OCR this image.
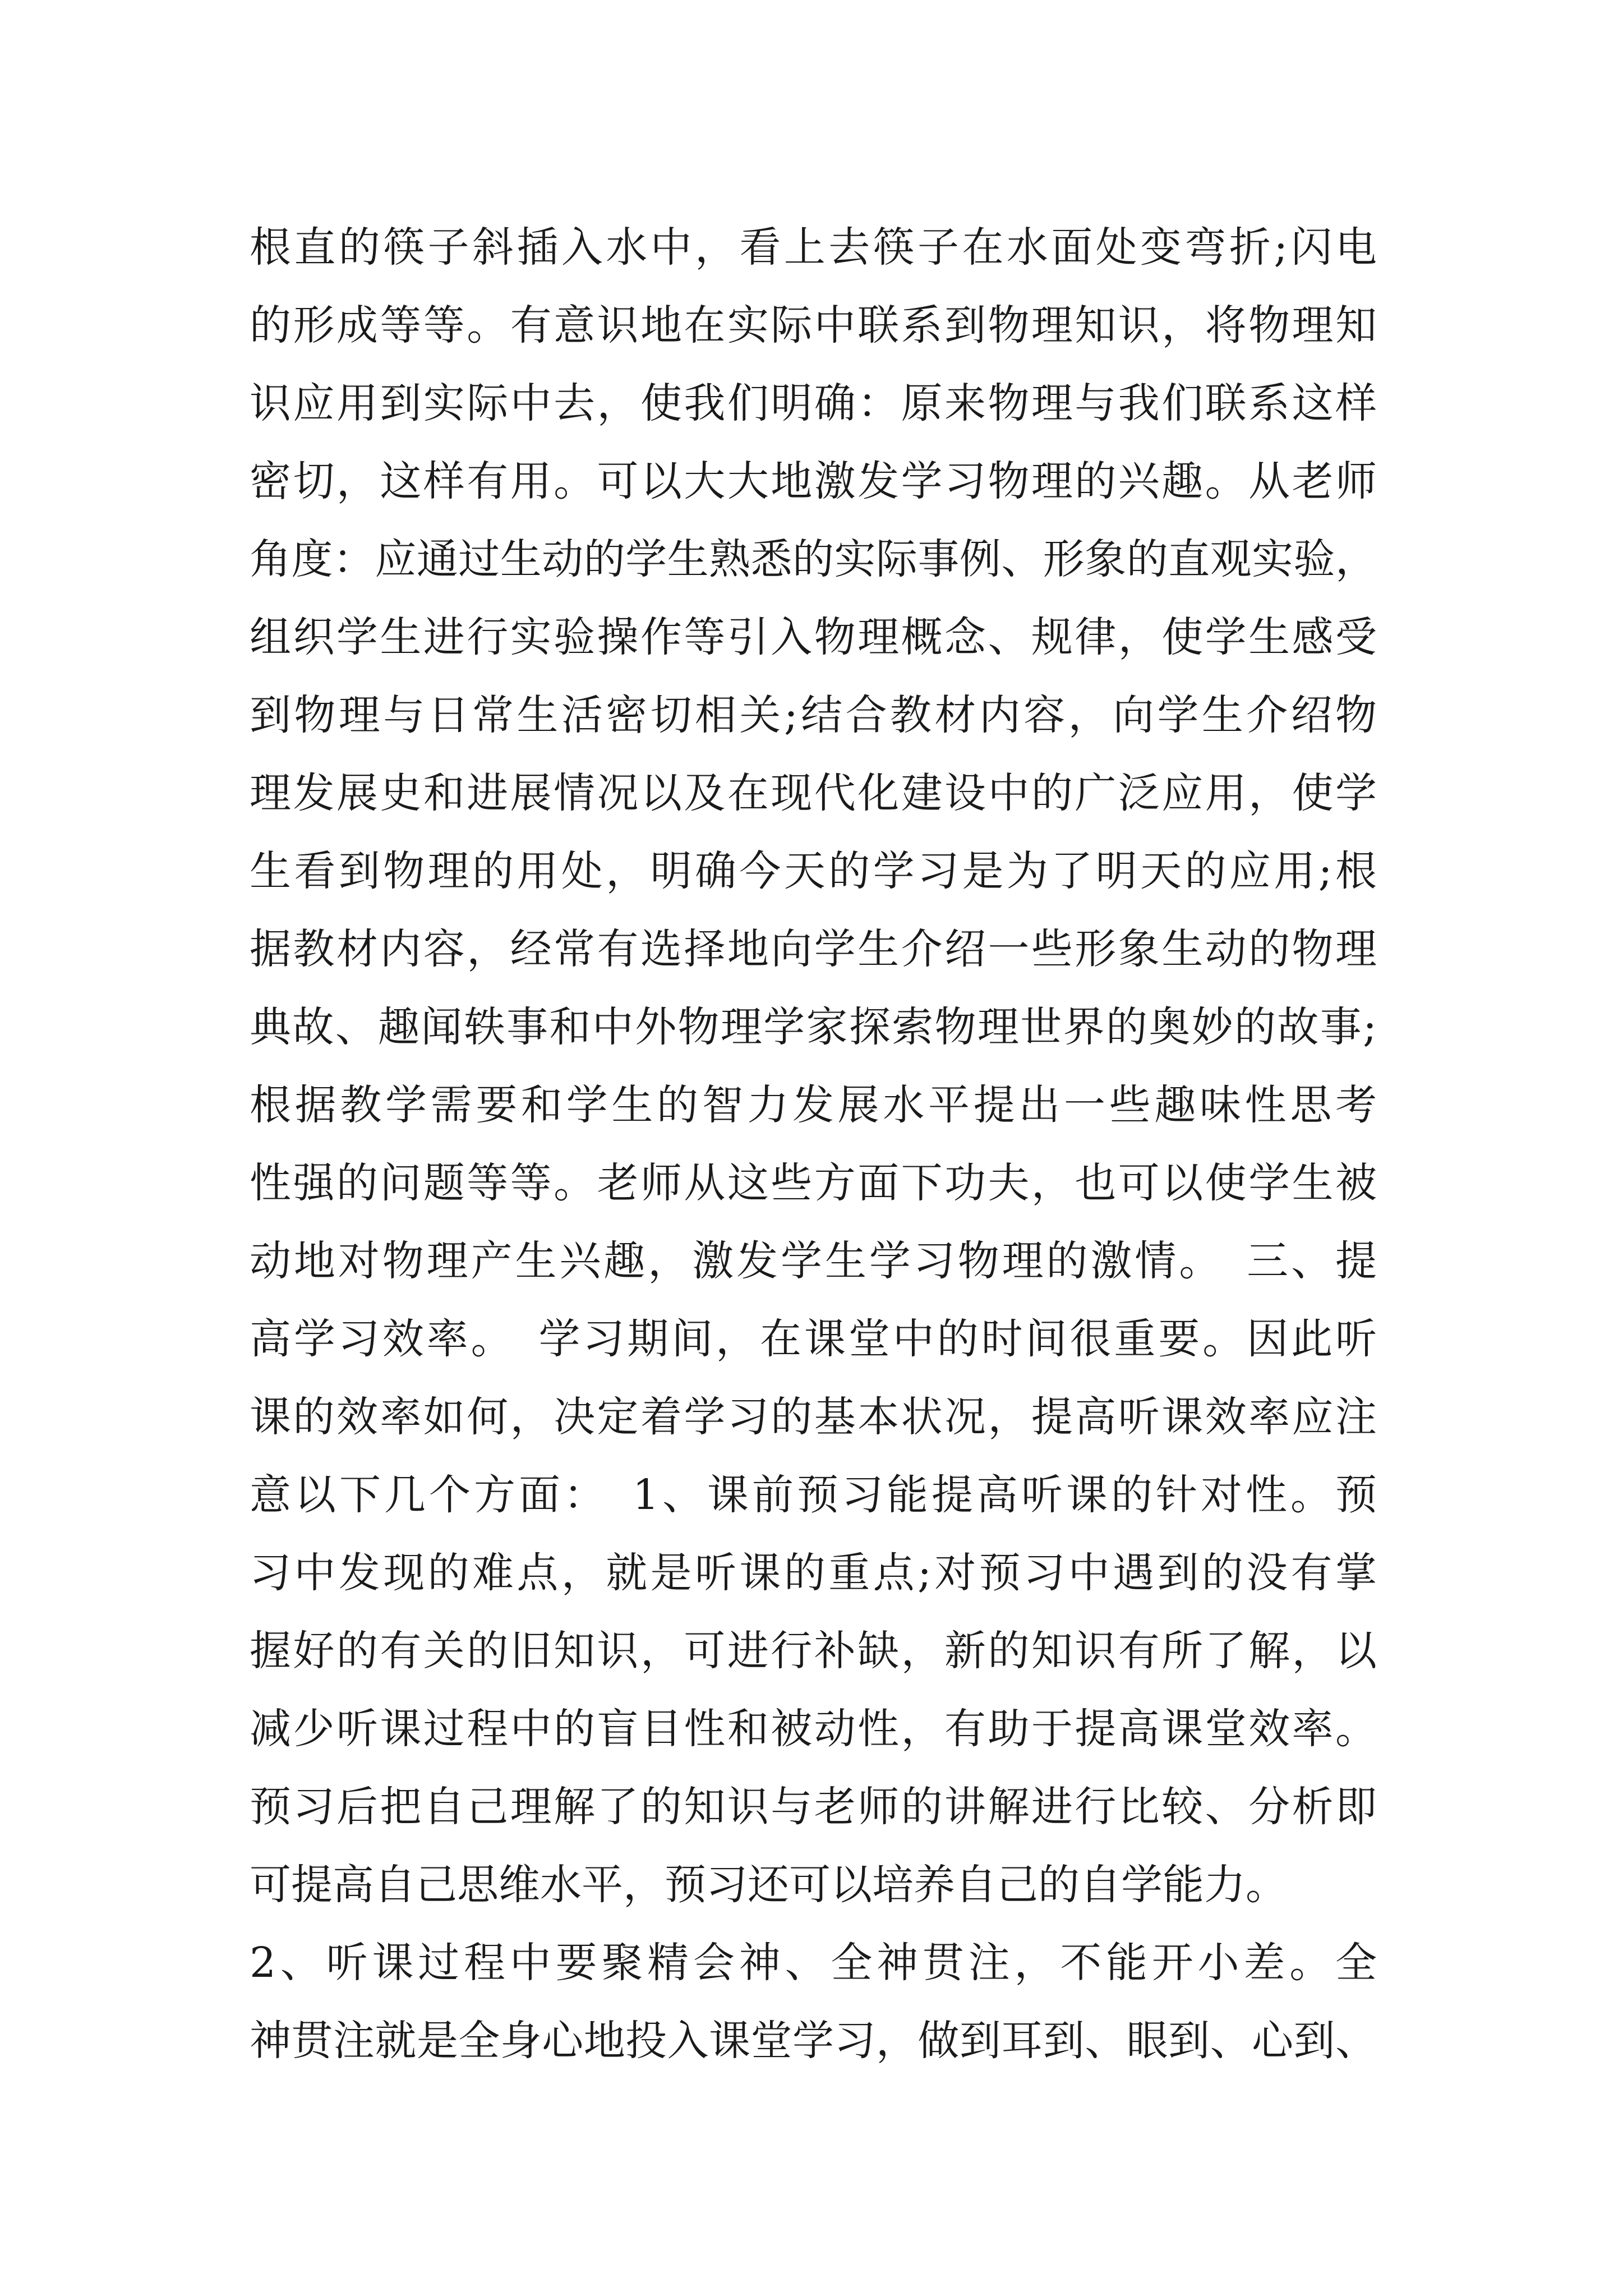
根直的筷子斜插入水中，看上去筷子在水面处变弯折;闪电
的形成等等。有意识地在实际中联系到物理知识，将物理知
识应用到实际中去，使我们明确：原来物理与我们联系这样
密切，这样有用。可以大大地激发学习物理的兴趣。从老师
角度：应通过生动的学生熟悉的实际事例、形象的直观实验，
组织学生进行实验操作等引入物理概念、规律，使学生感受
到物理与日常生活密切相关;结合教材内容，向学生介绍物
理发展史和进展情况以及在现代化建设中的广泛应用，使学
生看到物理的用处，明确今天的学习是为了明天的应用;根
据教材内容，经常有选择地向学生介绍一些形象生动的物理
典故、趣闻轶事和中外物理学家探索物理世界的奥妙的故事;
根据教学需要和学生的智力发展水平提出一些趣味性思考
性强的问题等等。老师从这些方面下功夫，也可以使学生被
动地对物理产生兴趣，激发学生学习物理的激情。　三、提
高学习效率。　学习期间，在课堂中的时间很重要。因此听
课的效率如何，决定着学习的基本状况，提高听课效率应注
意以下几个方面：　1、课前预习能提高听课的针对性。预
习中发现的难点，就是听课的重点;对预习中遇到的没有掌
握好的有关的旧知识，可进行补缺，新的知识有所了解，以
减少听课过程中的盲目性和被动性，有助于提高课堂效率。
预习后把自己理解了的知识与老师的讲解进行比较、分析即
可提高自己思维水平，预习还可以培养自己的自学能力。
2、听课过程中要聚精会神、全神贯注，不能开小差。全
神贯注就是全身心地投入课堂学习，做到耳到、眼到、心到、
